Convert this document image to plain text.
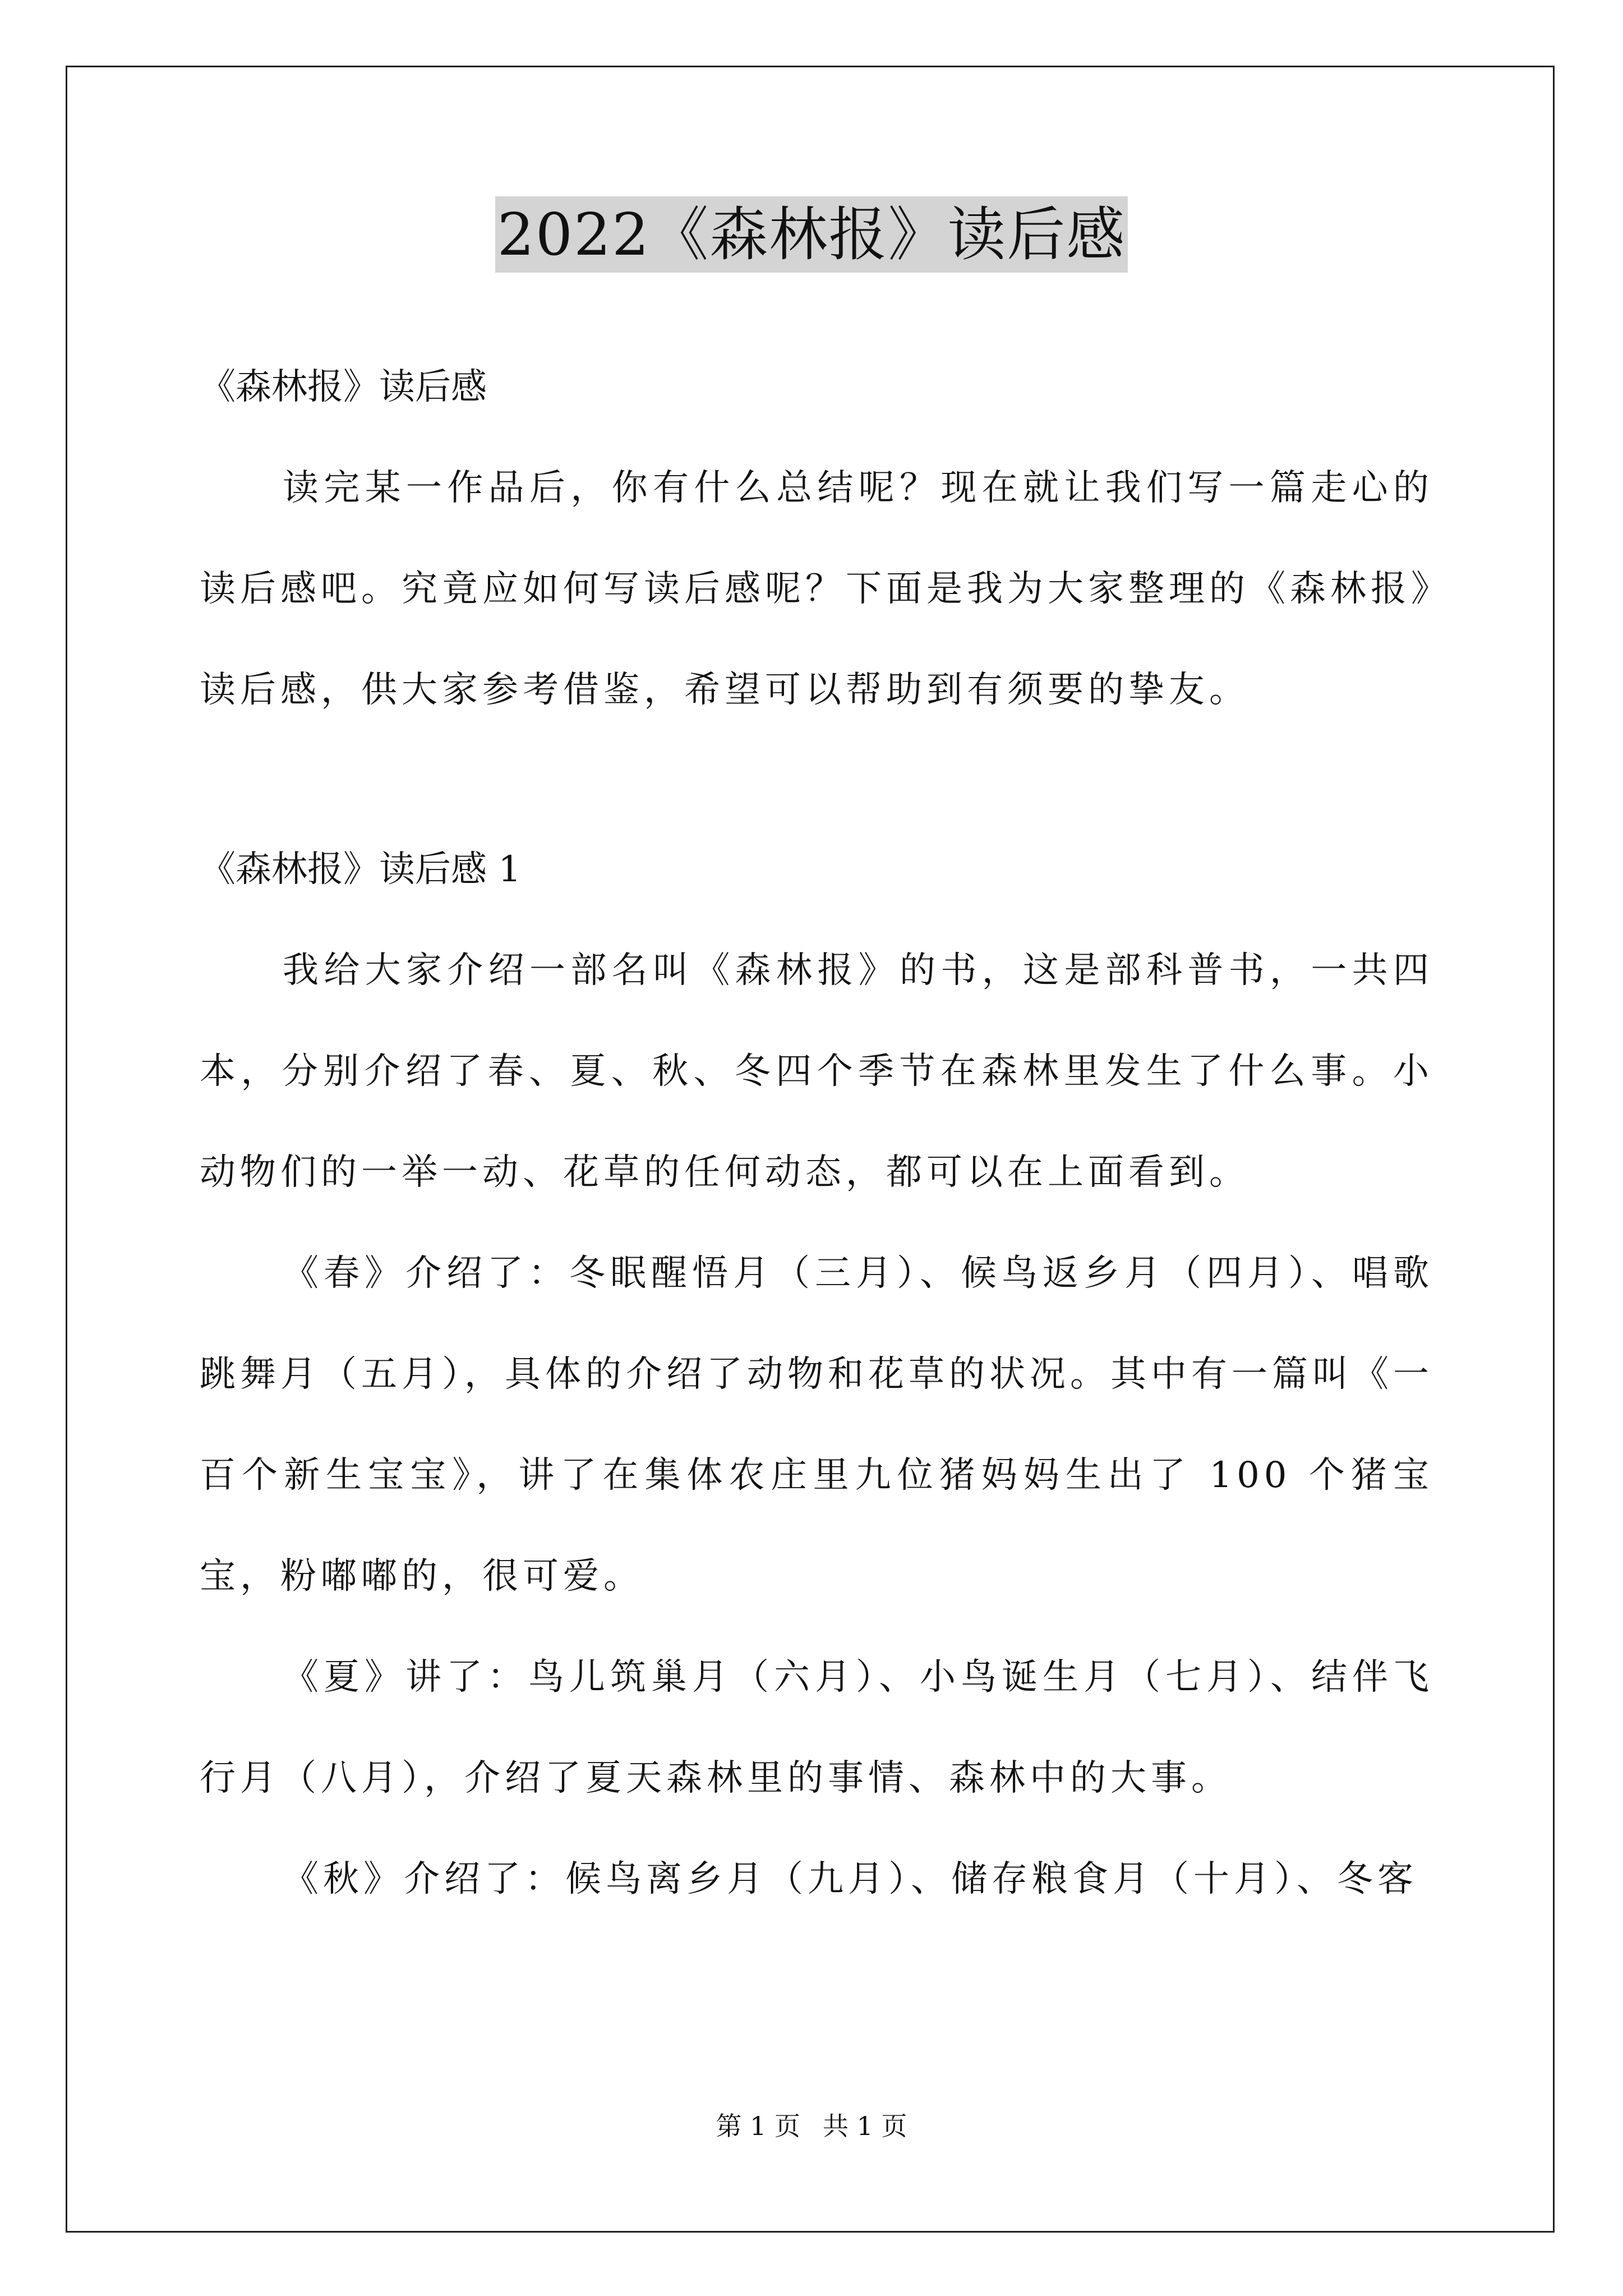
2022《森林报》读后感

《森林报》读后感

读完某一作品后，你有什么总结呢？现在就让我们写一篇走心的读后感吧。究竟应如何写读后感呢？下面是我为大家整理的《森林报》读后感，供大家参考借鉴，希望可以帮助到有须要的挚友。

《森林报》读后感 1

我给大家介绍一部名叫《森林报》的书，这是部科普书，一共四本，分别介绍了春、夏、秋、冬四个季节在森林里发生了什么事。小动物们的一举一动、花草的任何动态，都可以在上面看到。

《春》介绍了：冬眠醒悟月（三月）、候鸟返乡月（四月）、唱歌跳舞月（五月），具体的介绍了动物和花草的状况。其中有一篇叫《一百个新生宝宝》，讲了在集体农庄里九位猪妈妈生出了 100 个猪宝宝，粉嘟嘟的，很可爱。

《夏》讲了：鸟儿筑巢月（六月）、小鸟诞生月（七月）、结伴飞行月（八月），介绍了夏天森林里的事情、森林中的大事。

《秋》介绍了：候鸟离乡月（九月）、储存粮食月（十月）、冬客

第 1 页 共 1 页
